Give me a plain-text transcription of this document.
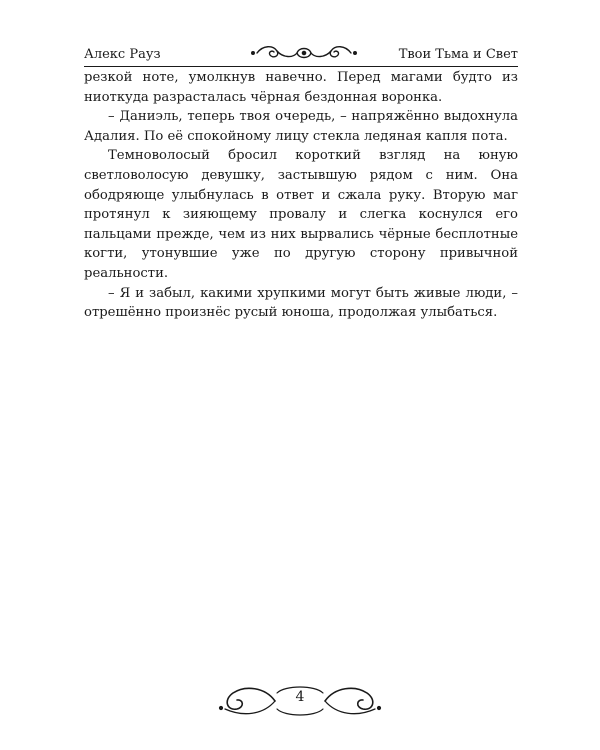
Алекс Рауз	Твои Тьма и Свет

резкой ноте, умолкнув навечно. Перед магами будто из ниоткуда разрасталась чёрная бездонная воронка.

– Даниэль, теперь твоя очередь, – напряжённо выдохнула Адалия. По её спокойному лицу стекла ледяная капля пота.

Темноволосый бросил короткий взгляд на юную светловолосую девушку, застывшую рядом с ним. Она ободряюще улыбнулась в ответ и сжала руку. Вторую маг протянул к зияющему провалу и слегка коснулся его пальцами прежде, чем из них вырвались чёрные бесплотные когти, утонувшие уже по другую сторону привычной реальности.

– Я и забыл, какими хрупкими могут быть живые люди, – отрешённо произнёс русый юноша, продолжая улыбаться.

4
